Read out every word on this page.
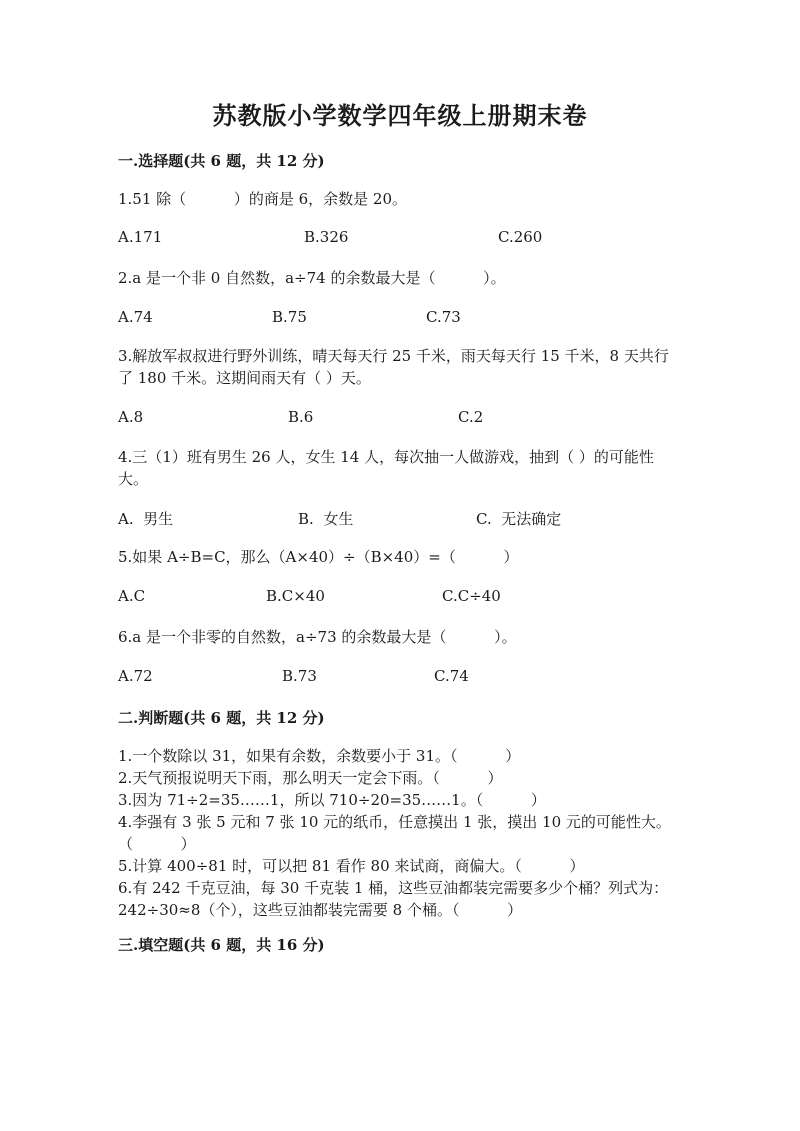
苏教版小学数学四年级上册期末卷
一.选择题(共 6 题，共 12 分)
1.51 除（          ）的商是 6，余数是 20。
A.171	B.326	C.260
2.a 是一个非 0 自然数，a÷74 的余数最大是（          ）。
A.74	B.75	C.73
3.解放军叔叔进行野外训练，晴天每天行 25 千米，雨天每天行 15 千米，8 天共行了 180 千米。这期间雨天有（ ）天。
A.8	B.6	C.2
4.三（1）班有男生 26 人，女生 14 人，每次抽一人做游戏，抽到（ ）的可能性大。
A.  男生	B.  女生	C.  无法确定
5.如果 A÷B=C，那么（A×40）÷（B×40）=（          ）
A.C	B.C×40	C.C÷40
6.a 是一个非零的自然数，a÷73 的余数最大是（          ）。
A.72	B.73	C.74
二.判断题(共 6 题，共 12 分)
1.一个数除以 31，如果有余数，余数要小于 31。（          ）
2.天气预报说明天下雨，那么明天一定会下雨。（          ）
3.因为 71÷2=35……1，所以 710÷20=35……1。（          ）
4.李强有 3 张 5 元和 7 张 10 元的纸币，任意摸出 1 张，摸出 10 元的可能性大。           （          ）
5.计算 400÷81 时，可以把 81 看作 80 来试商，商偏大。（          ）
6.有 242 千克豆油，每 30 千克装 1 桶，这些豆油都装完需要多少个桶？列式为：242÷30≈8（个），这些豆油都装完需要 8 个桶。（          ）
三.填空题(共 6 题，共 16 分)
